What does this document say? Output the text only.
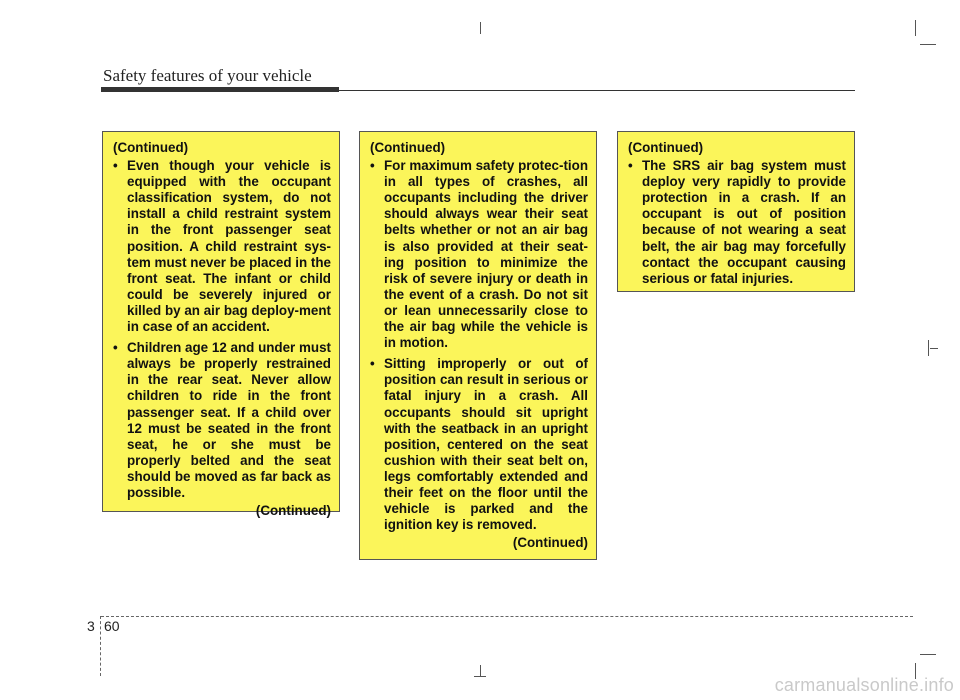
Safety features of your vehicle
(Continued)
• Even though your vehicle is equipped with the occupant classification system, do not install a child restraint system in the front passenger seat position. A child restraint sys-tem must never be placed in the front seat. The infant or child could be severely injured or killed by an air bag deploy-ment in case of an accident.
• Children age 12 and under must always be properly restrained in the rear seat. Never allow children to ride in the front passenger seat. If a child over 12 must be seated in the front seat, he or she must be properly belted and the seat should be moved as far back as possible.
(Continued)
(Continued)
• For maximum safety protec-tion in all types of crashes, all occupants including the driver should always wear their seat belts whether or not an air bag is also provided at their seat-ing position to minimize the risk of severe injury or death in the event of a crash. Do not sit or lean unnecessarily close to the air bag while the vehicle is in motion.
• Sitting improperly or out of position can result in serious or fatal injury in a crash. All occupants should sit upright with the seatback in an upright position, centered on the seat cushion with their seat belt on, legs comfortably extended and their feet on the floor until the vehicle is parked and the ignition key is removed.
(Continued)
(Continued)
• The SRS air bag system must deploy very rapidly to provide protection in a crash. If an occupant is out of position because of not wearing a seat belt, the air bag may forcefully contact the occupant causing serious or fatal injuries.
3 60
carmanualsonline.info
